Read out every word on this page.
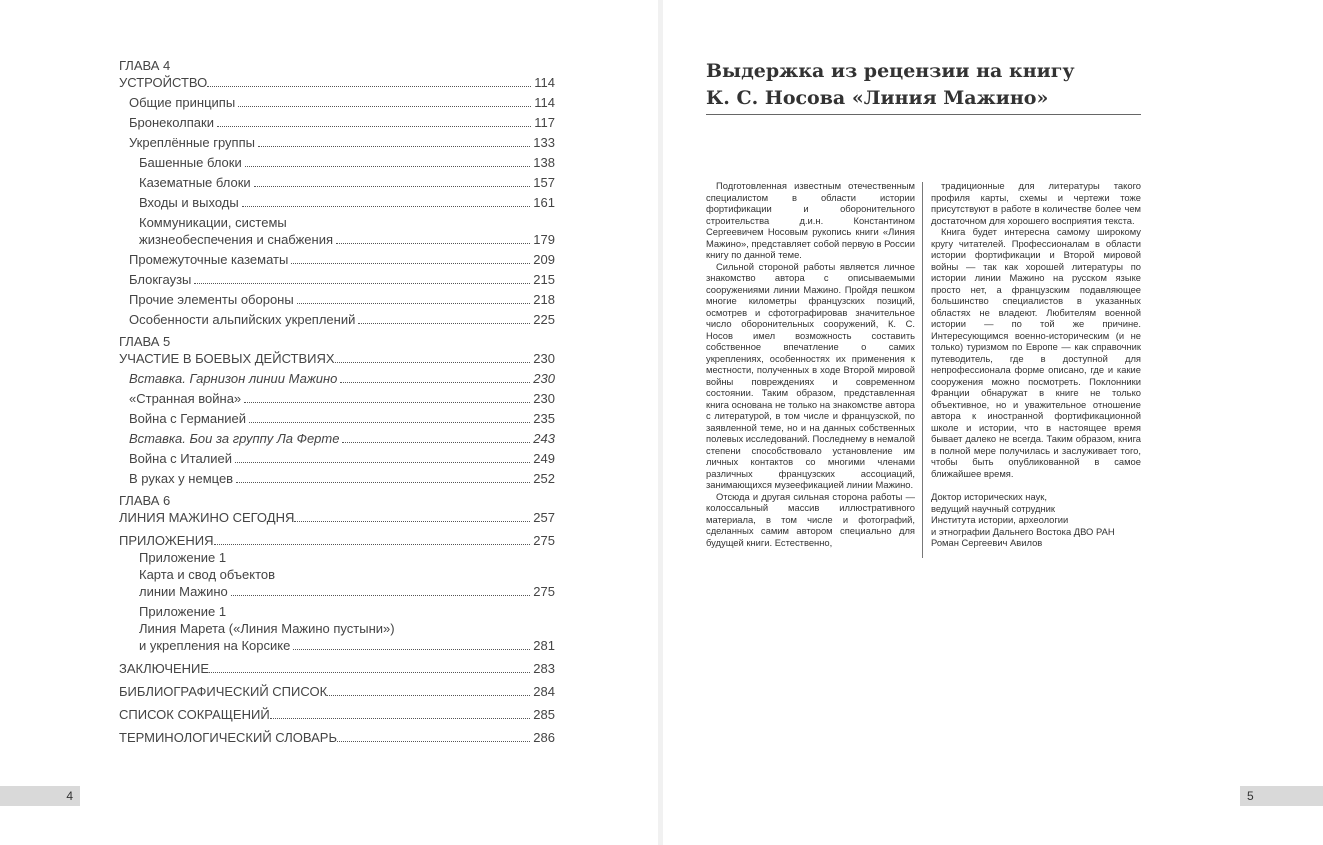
ГЛАВА 4
УСТРОЙСТВО	114
Общие принципы	114
Бронеколпаки	117
Укреплённые группы	133
Башенные блоки	138
Казематные блоки	157
Входы и выходы	161
Коммуникации, системы
жизнеобеспечения и снабжения	179
Промежуточные казематы	209
Блокгаузы	215
Прочие элементы обороны	218
Особенности альпийских укреплений	225
ГЛАВА 5
УЧАСТИЕ В БОЕВЫХ ДЕЙСТВИЯХ	230
Вставка. Гарнизон линии Мажино	230
«Странная война»	230
Война с Германией	235
Вставка. Бои за группу Ла Ферте	243
Война с Италией	249
В руках у немцев	252
ГЛАВА 6
ЛИНИЯ МАЖИНО СЕГОДНЯ	257
ПРИЛОЖЕНИЯ	275
Приложение 1
Карта и свод объектов
линии Мажино	275
Приложение 1
Линия Марета («Линия Мажино пустыни»)
и укрепления на Корсике	281
ЗАКЛЮЧЕНИЕ	283
БИБЛИОГРАФИЧЕСКИЙ СПИСОК	284
СПИСОК СОКРАЩЕНИЙ	285
ТЕРМИНОЛОГИЧЕСКИЙ СЛОВАРЬ	286
4	5
Выдержка из рецензии на книгу
К. С. Носова «Линия Мажино»

Подготовленная известным отечественным специалистом в области истории фортификации и оборонительного строительства д.и.н. Константином Сергеевичем Носовым рукопись книги «Линия Мажино», представляет собой первую в России книгу по данной теме.

Сильной стороной работы является личное знакомство автора с описываемыми сооружениями линии Мажино. Пройдя пешком многие километры французских позиций, осмотрев и сфотографировав значительное число оборонительных сооружений, К. С. Носов имел возможность составить собственное впечатление о самих укреплениях, особенностях их применения к местности, полученных в ходе Второй мировой войны повреждениях и современном состоянии. Таким образом, представленная книга основана не только на знакомстве автора с литературой, в том числе и французской, по заявленной теме, но и на данных собственных полевых исследований. Последнему в немалой степени способствовало установление им личных контактов со многими членами различных французских ассоциаций, занимающихся музеефикацией линии Мажино.

Отсюда и другая сильная сторона работы — колоссальный массив иллюстративного материала, в том числе и фотографий, сделанных самим автором специально для будущей книги. Естественно,

традиционные для литературы такого профиля карты, схемы и чертежи тоже присутствуют в работе в количестве более чем достаточном для хорошего восприятия текста.

Книга будет интересна самому широкому кругу читателей. Профессионалам в области истории фортификации и Второй мировой войны — так как хорошей литературы по истории линии Мажино на русском языке просто нет, а французским подавляющее большинство специалистов в указанных областях не владеют. Любителям военной истории — по той же причине. Интересующимся военно-историческим (и не только) туризмом по Европе — как справочник путеводитель, где в доступной для непрофессионала форме описано, где и какие сооружения можно посмотреть. Поклонники Франции обнаружат в книге не только объективное, но и уважительное отношение автора к иностранной фортификационной школе и истории, что в настоящее время бывает далеко не всегда. Таким образом, книга в полной мере получилась и заслуживает того, чтобы быть опубликованной в самое ближайшее время.

Доктор исторических наук,
ведущий научный сотрудник
Института истории, археологии
и этнографии Дальнего Востока ДВО РАН
Роман Сергеевич Авилов
